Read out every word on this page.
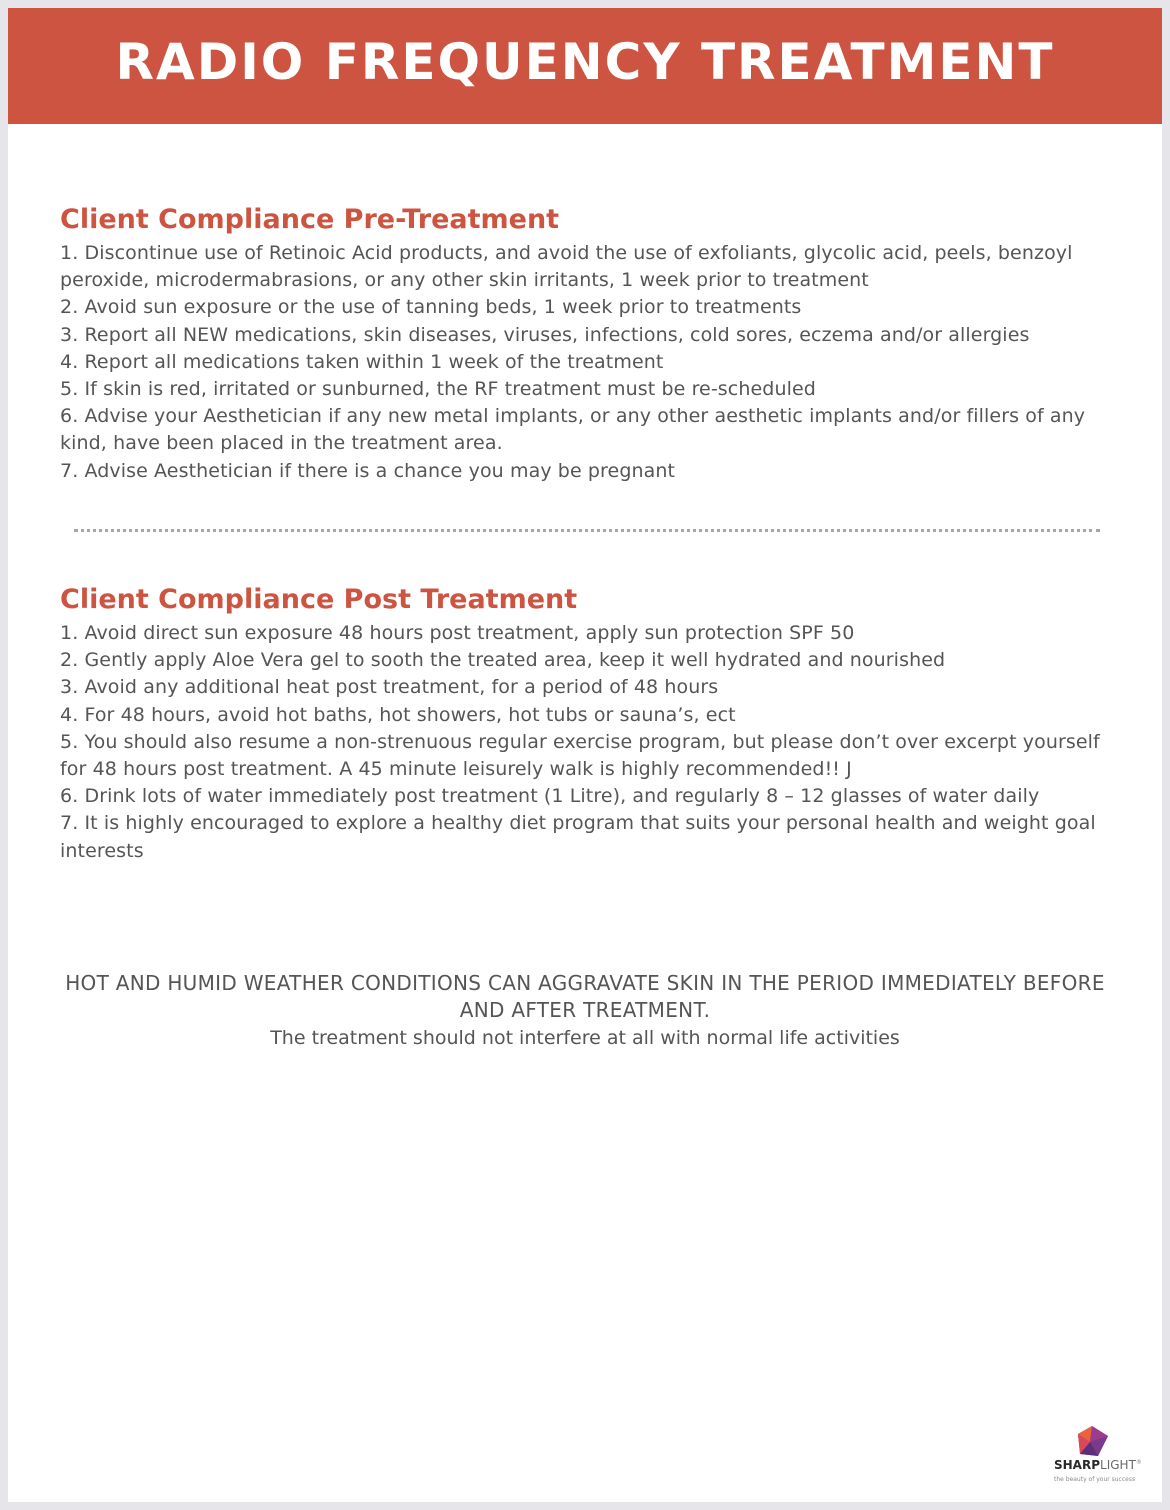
RADIO FREQUENCY TREATMENT
Client Compliance Pre-Treatment
1. Discontinue use of Retinoic Acid products, and avoid the use of exfoliants, glycolic acid, peels, benzoyl peroxide, microdermabrasions, or any other skin irritants, 1 week prior to treatment
2. Avoid sun exposure or the use of tanning beds, 1 week prior to treatments
3. Report all NEW medications, skin diseases, viruses, infections, cold sores, eczema and/or allergies
4. Report all medications taken within 1 week of the treatment
5. If skin is red, irritated or sunburned, the RF treatment must be re-scheduled
6. Advise your Aesthetician if any new metal implants, or any other aesthetic implants and/or fillers of any kind, have been placed in the treatment area.
7. Advise Aesthetician if there is a chance you may be pregnant
Client Compliance Post Treatment
1. Avoid direct sun exposure 48 hours post treatment, apply sun protection SPF 50
2. Gently apply Aloe Vera gel to sooth the treated area, keep it well hydrated and nourished
3. Avoid any additional heat post treatment, for a period of 48 hours
4. For 48 hours, avoid hot baths, hot showers, hot tubs or sauna’s, ect
5. You should also resume a non-strenuous regular exercise program, but please don’t over excerpt yourself for 48 hours post treatment. A 45 minute leisurely walk is highly recommended!! J
6. Drink lots of water immediately post treatment (1 Litre), and regularly 8 – 12 glasses of water daily
7. It is highly encouraged to explore a healthy diet program that suits your personal health and weight goal interests
HOT AND HUMID WEATHER CONDITIONS CAN AGGRAVATE SKIN IN THE PERIOD IMMEDIATELY BEFORE AND AFTER TREATMENT.
The treatment should not interfere at all with normal life activities
SHARPLIGHT®
the beauty of your success
